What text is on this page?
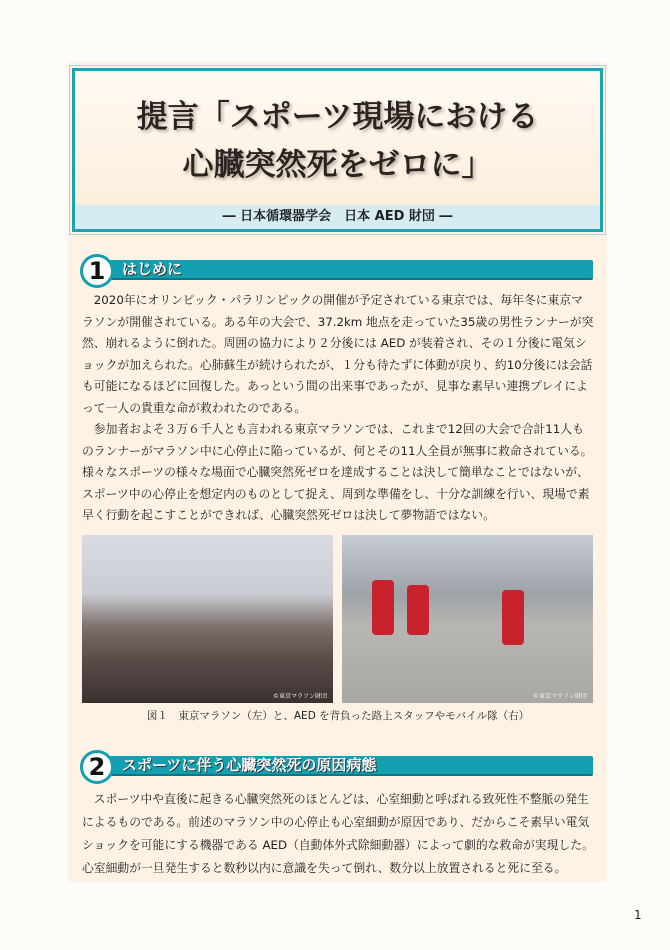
提言「スポーツ現場における
心臓突然死をゼロに」
― 日本循環器学会　日本 AED 財団 ―
1	はじめに

2020年にオリンピック・パラリンピックの開催が予定されている東京では、毎年冬に東京マラソンが開催されている。ある年の大会で、37.2km 地点を走っていた35歳の男性ランナーが突然、崩れるように倒れた。周囲の協力により２分後には AED が装着され、その１分後に電気ショックが加えられた。心肺蘇生が続けられたが、１分も待たずに体動が戻り、約10分後には会話も可能になるほどに回復した。あっという間の出来事であったが、見事な素早い連携プレイによって一人の貴重な命が救われたのである。

参加者およそ３万６千人とも言われる東京マラソンでは、これまで12回の大会で合計11人ものランナーがマラソン中に心停止に陥っているが、何とその11人全員が無事に救命されている。様々なスポーツの様々な場面で心臓突然死ゼロを達成することは決して簡単なことではないが、スポーツ中の心停止を想定内のものとして捉え、周到な準備をし、十分な訓練を行い、現場で素早く行動を起こすことができれば、心臓突然死ゼロは決して夢物語ではない。

©東京マラソン財団	©東京マラソン財団
図１　東京マラソン（左）と、AED を背負った路上スタッフやモバイル隊（右）
2	スポーツに伴う心臓突然死の原因病態

スポーツ中や直後に起きる心臓突然死のほとんどは、心室細動と呼ばれる致死性不整脈の発生によるものである。前述のマラソン中の心停止も心室細動が原因であり、だからこそ素早い電気ショックを可能にする機器である AED（自動体外式除細動器）によって劇的な救命が実現した。心室細動が一旦発生すると数秒以内に意識を失って倒れ、数分以上放置されると死に至る。

1
